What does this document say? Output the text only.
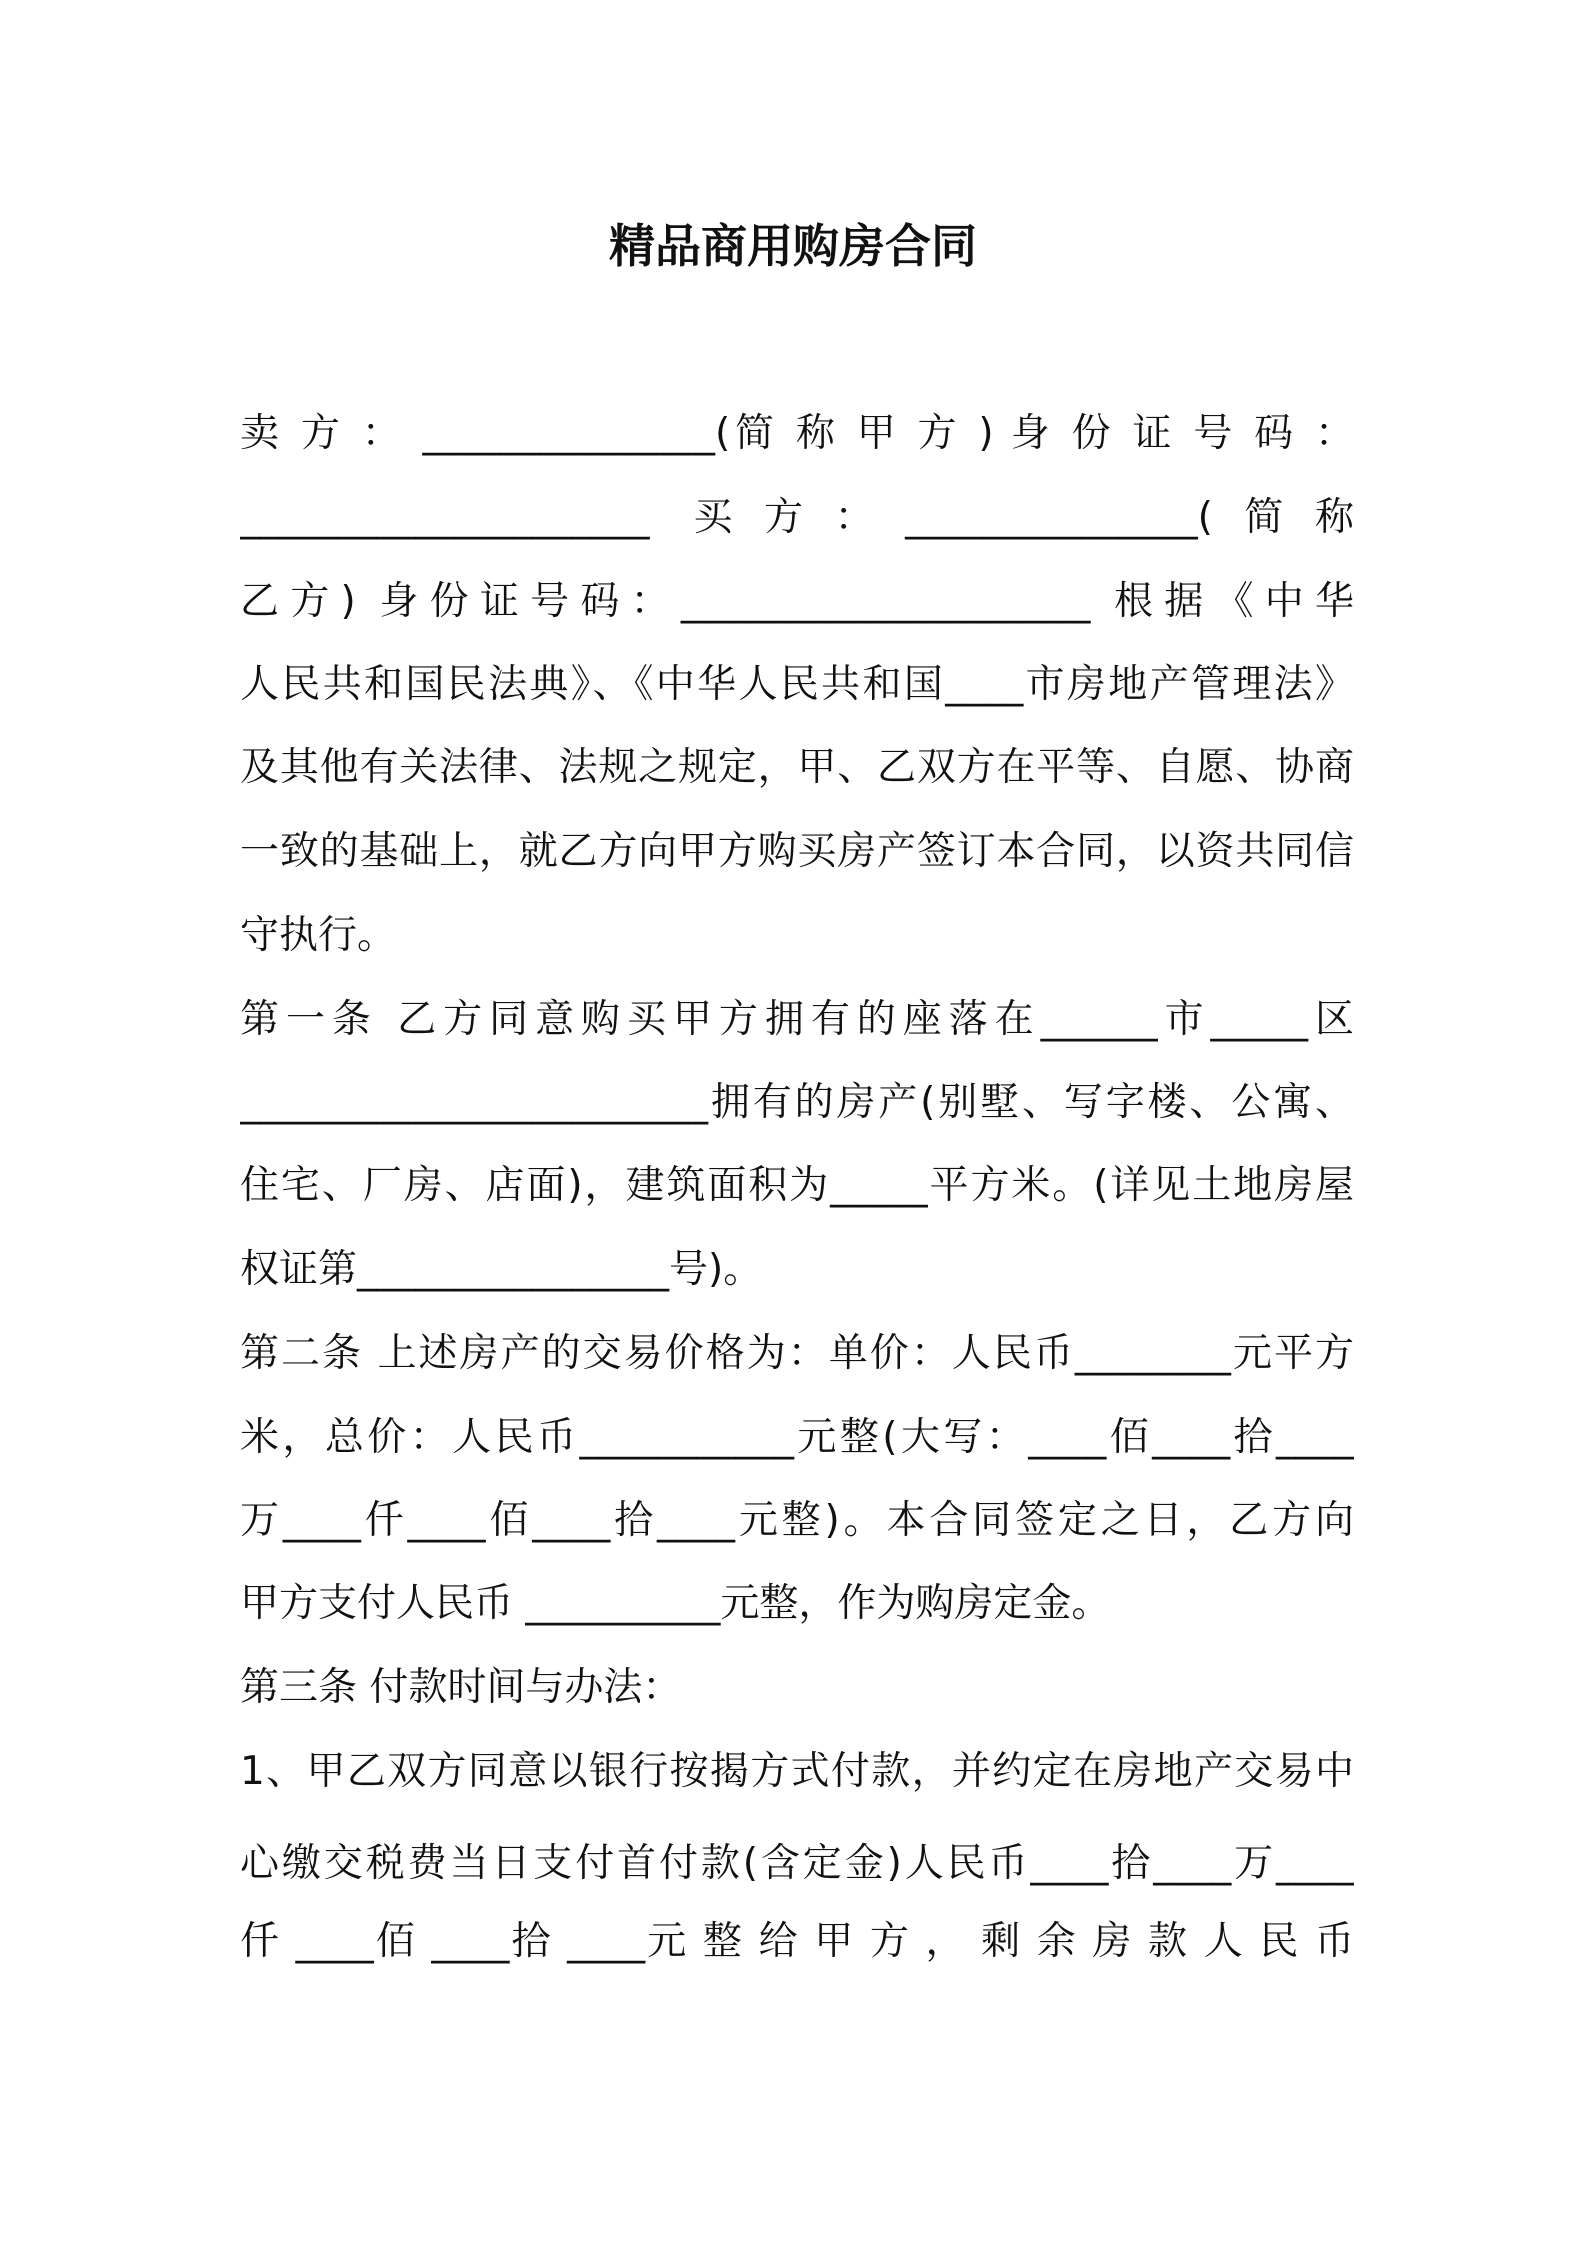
精品商用购房合同
卖 方 ： _______________(简 称 甲 方 ) 身 份 证 号 码 ：
_____________________ 买方：_______________(简称
乙方) 身份证号码：_____________________ 根据《中华
人民共和国民法典》、《中华人民共和国____市房地产管理法》
及其他有关法律、法规之规定，甲、乙双方在平等、自愿、协商
一致的基础上，就乙方向甲方购买房产签订本合同，以资共同信
守执行。
第一条 乙方同意购买甲方拥有的座落在______市_____区
________________________拥有的房产(别墅、写字楼、公寓、
住宅、厂房、店面)，建筑面积为_____平方米。(详见土地房屋
权证第________________号)。
第二条 上述房产的交易价格为：单价：人民币________元平方
米，总价：人民币___________元整(大写：____佰____拾____
万____仟____佰____拾____元整)。本合同签定之日，乙方向
甲方支付人民币 __________元整，作为购房定金。
第三条 付款时间与办法：
1、甲乙双方同意以银行按揭方式付款，并约定在房地产交易中
心缴交税费当日支付首付款(含定金)人民币____拾____万____
仟 ____佰 ____拾 ____元 整 给 甲 方 ， 剩 余 房 款 人 民 币
